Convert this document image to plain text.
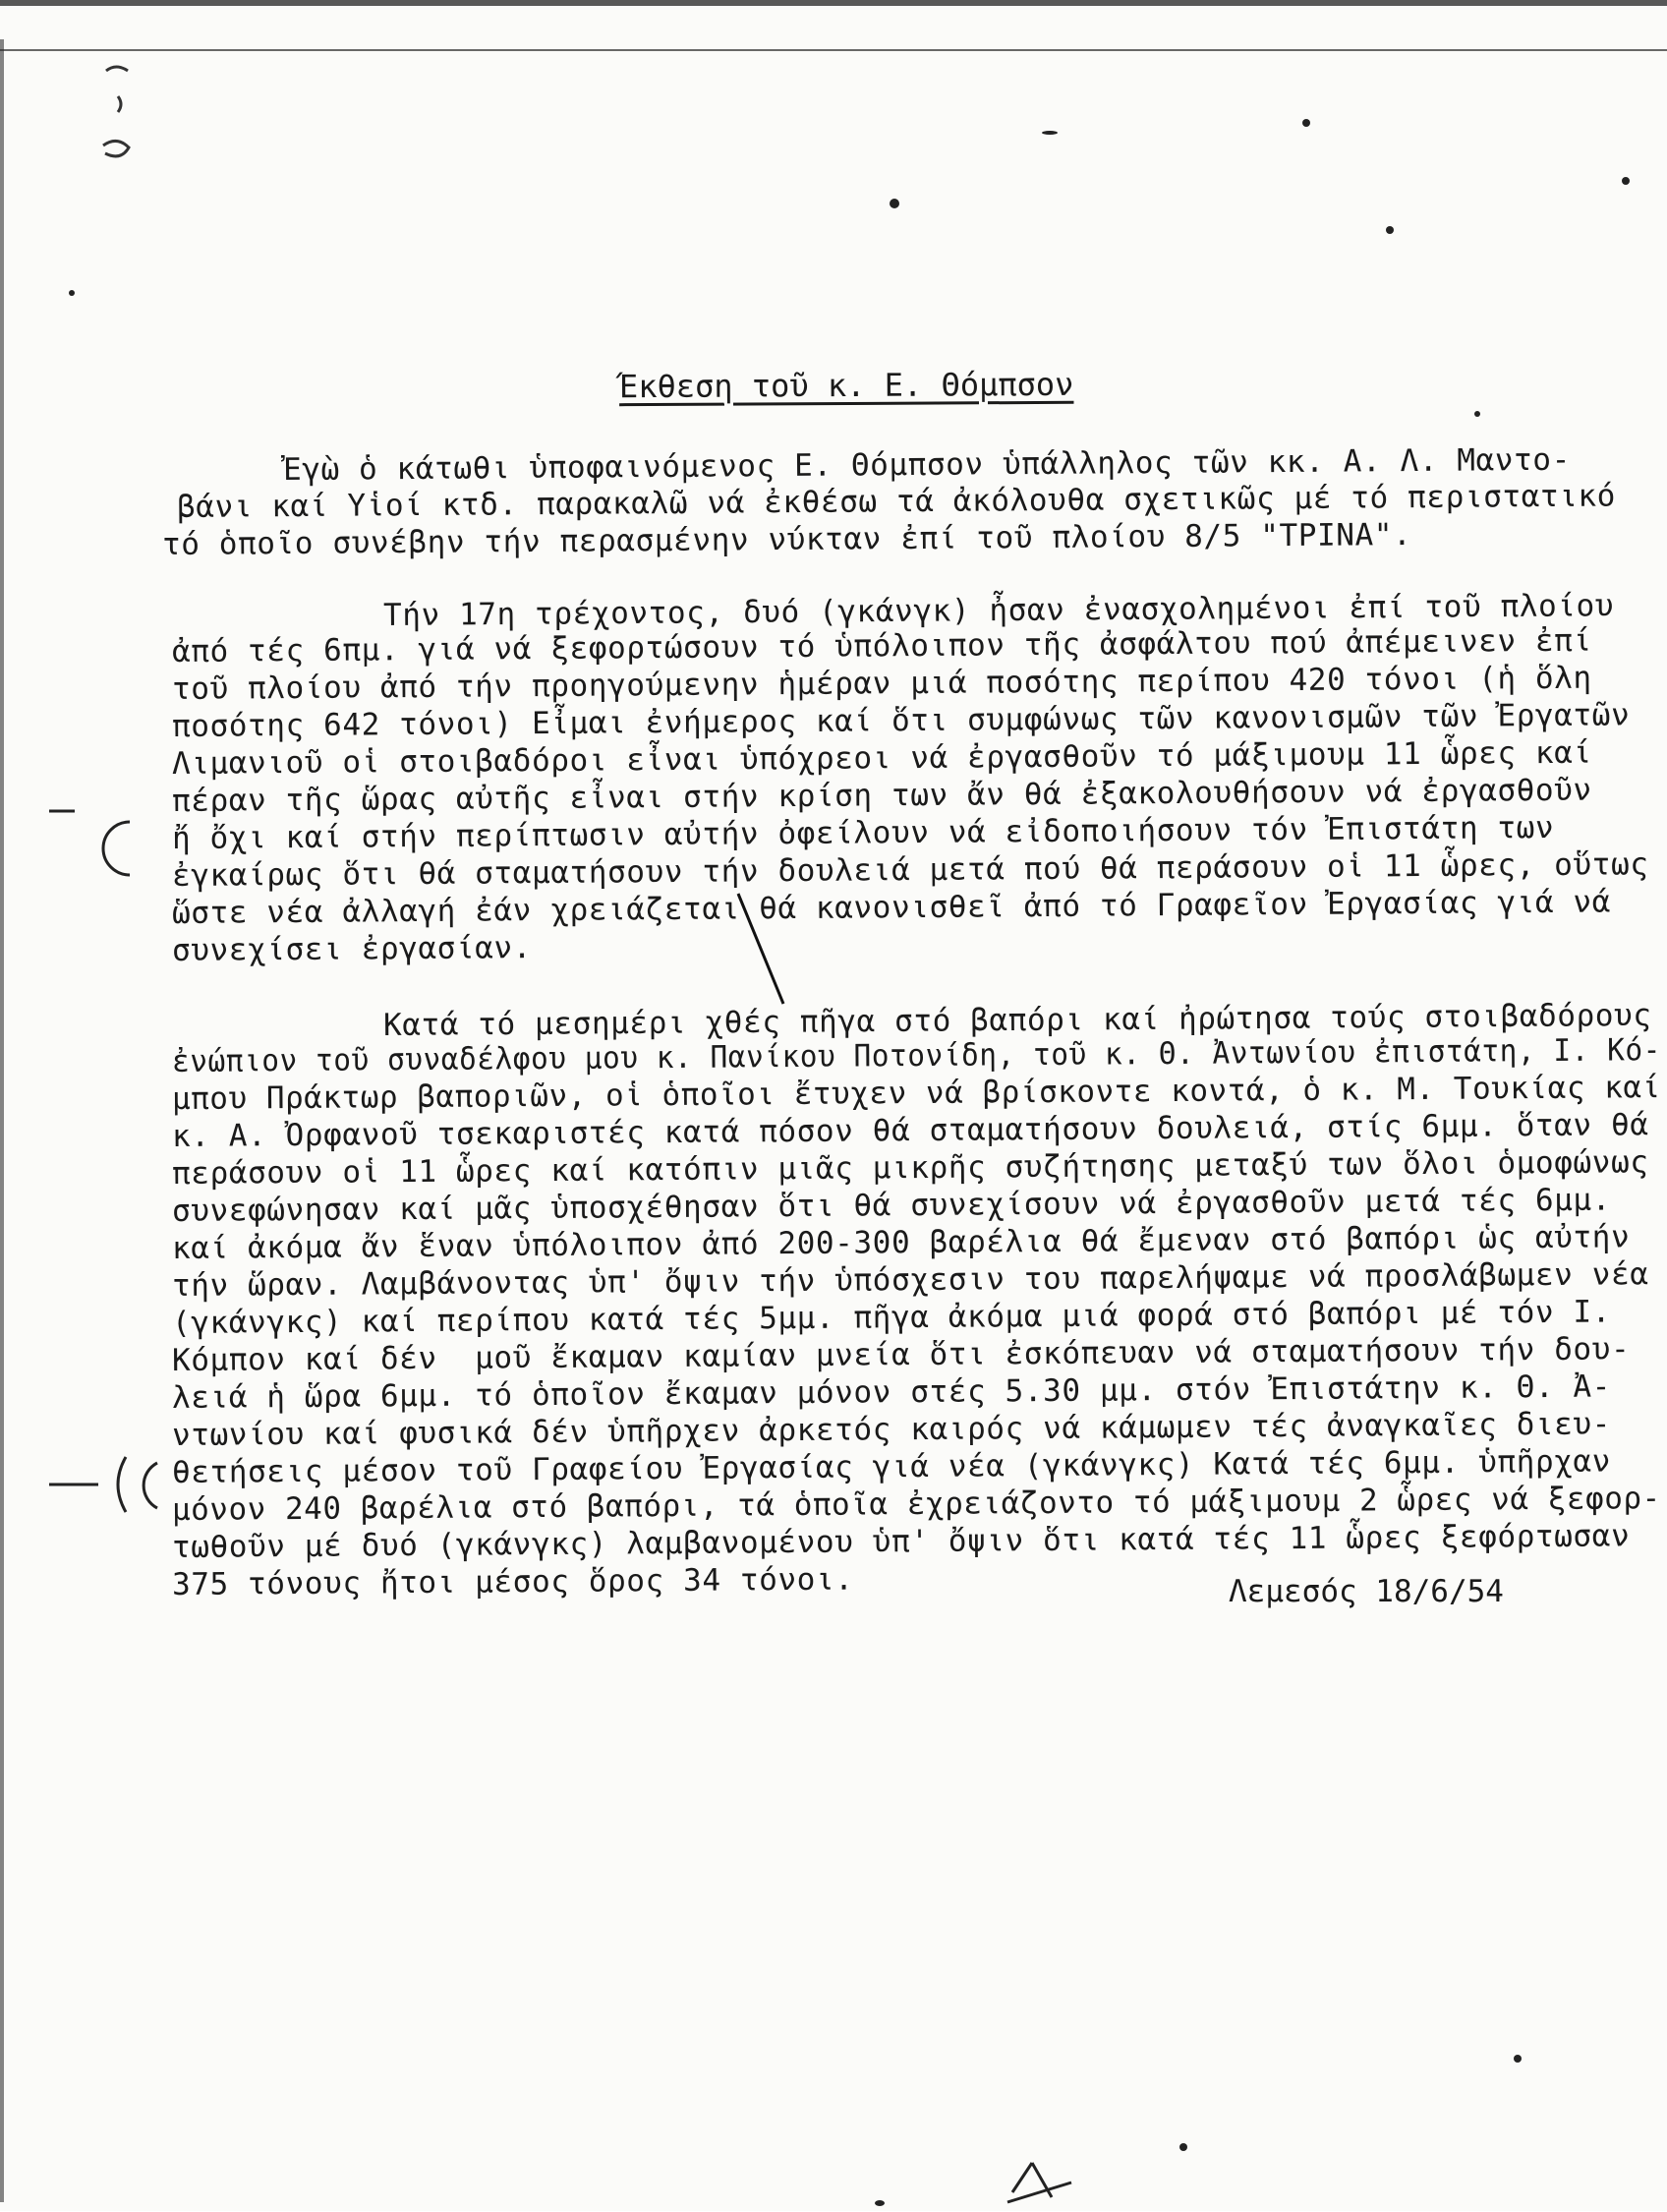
Έκθεση τοῦ κ. Ε. Θόμπσον
Ἐγὼ ὁ κάτωθι ὑποφαινόμενος Ε. Θόμπσον ὑπάλληλος τῶν κκ. Α. Λ. Μαντο-
βάνι καί Υἱοί κτδ. παρακαλῶ νά ἐκθέσω τά ἀκόλουθα σχετικῶς μέ τό περιστατικό
τό ὁποῖο συνέβην τήν περασμένην νύκταν ἐπί τοῦ πλοίου 8/5 "ΤΡΙΝΑ".
Τήν 17η τρέχοντος, δυό (γκάνγκ) ἦσαν ἐνασχολημένοι ἐπί τοῦ πλοίου
ἀπό τές 6πμ. γιά νά ξεφορτώσουν τό ὑπόλοιπον τῆς ἀσφάλτου πού ἀπέμεινεν ἐπί
τοῦ πλοίου ἀπό τήν προηγούμενην ἡμέραν μιά ποσότης περίπου 420 τόνοι (ἡ ὅλη
ποσότης 642 τόνοι) Εἶμαι ἐνήμερος καί ὅτι συμφώνως τῶν κανονισμῶν τῶν Ἐργατῶν
Λιμανιοῦ οἱ στοιβαδόροι εἶναι ὑπόχρεοι νά ἐργασθοῦν τό μάξιμουμ 11 ὧρες καί
πέραν τῆς ὥρας αὐτῆς εἶναι στήν κρίση των ἄν θά ἐξακολουθήσουν νά ἐργασθοῦν
ἤ ὄχι καί στήν περίπτωσιν αὐτήν ὀφείλουν νά εἰδοποιήσουν τόν Ἐπιστάτη των
ἐγκαίρως ὅτι θά σταματήσουν τήν δουλειά μετά πού θά περάσουν οἱ 11 ὧρες, οὕτως
ὥστε νέα ἀλλαγή ἐάν χρειάζεται θά κανονισθεῖ ἀπό τό Γραφεῖον Ἐργασίας γιά νά
συνεχίσει ἐργασίαν.
Κατά τό μεσημέρι χθές πῆγα στό βαπόρι καί ἠρώτησα τούς στοιβαδόρους
ἐνώπιον τοῦ συναδέλφου μου κ. Πανίκου Ποτονίδη, τοῦ κ. Θ. Ἀντωνίου ἐπιστάτη, Ι. Κό-
μπου Πράκτωρ βαποριῶν, οἱ ὁποῖοι ἔτυχεν νά βρίσκοντε κοντά, ὁ κ. Μ. Τουκίας καί
κ. Α. Ὀρφανοῦ τσεκαριστές κατά πόσον θά σταματήσουν δουλειά, στίς 6μμ. ὅταν θά
περάσουν οἱ 11 ὧρες καί κατόπιν μιᾶς μικρῆς συζήτησης μεταξύ των ὅλοι ὁμοφώνως
συνεφώνησαν καί μᾶς ὑποσχέθησαν ὅτι θά συνεχίσουν νά ἐργασθοῦν μετά τές 6μμ.
καί ἀκόμα ἄν ἕναν ὑπόλοιπον ἀπό 200-300 βαρέλια θά ἔμεναν στό βαπόρι ὡς αὐτήν
τήν ὥραν. Λαμβάνοντας ὑπ' ὄψιν τήν ὑπόσχεσιν του παρελήψαμε νά προσλάβωμεν νέα
(γκάνγκς) καί περίπου κατά τές 5μμ. πῆγα ἀκόμα μιά φορά στό βαπόρι μέ τόν Ι.
Κόμπον καί δέν  μοῦ ἔκαμαν καμίαν μνεία ὅτι ἐσκόπευαν νά σταματήσουν τήν δου-
λειά ἡ ὥρα 6μμ. τό ὁποῖον ἔκαμαν μόνον στές 5.30 μμ. στόν Ἐπιστάτην κ. Θ. Ἀ-
ντωνίου καί φυσικά δέν ὑπῆρχεν ἀρκετός καιρός νά κάμωμεν τές ἀναγκαῖες διευ-
θετήσεις μέσον τοῦ Γραφείου Ἐργασίας γιά νέα (γκάνγκς) Κατά τές 6μμ. ὑπῆρχαν
μόνον 240 βαρέλια στό βαπόρι, τά ὁποῖα ἐχρειάζοντο τό μάξιμουμ 2 ὧρες νά ξεφορ-
τωθοῦν μέ δυό (γκάνγκς) λαμβανομένου ὑπ' ὄψιν ὅτι κατά τές 11 ὧρες ξεφόρτωσαν
375 τόνους ἤτοι μέσος ὅρος 34 τόνοι.	Λεμεσός 18/6/54
